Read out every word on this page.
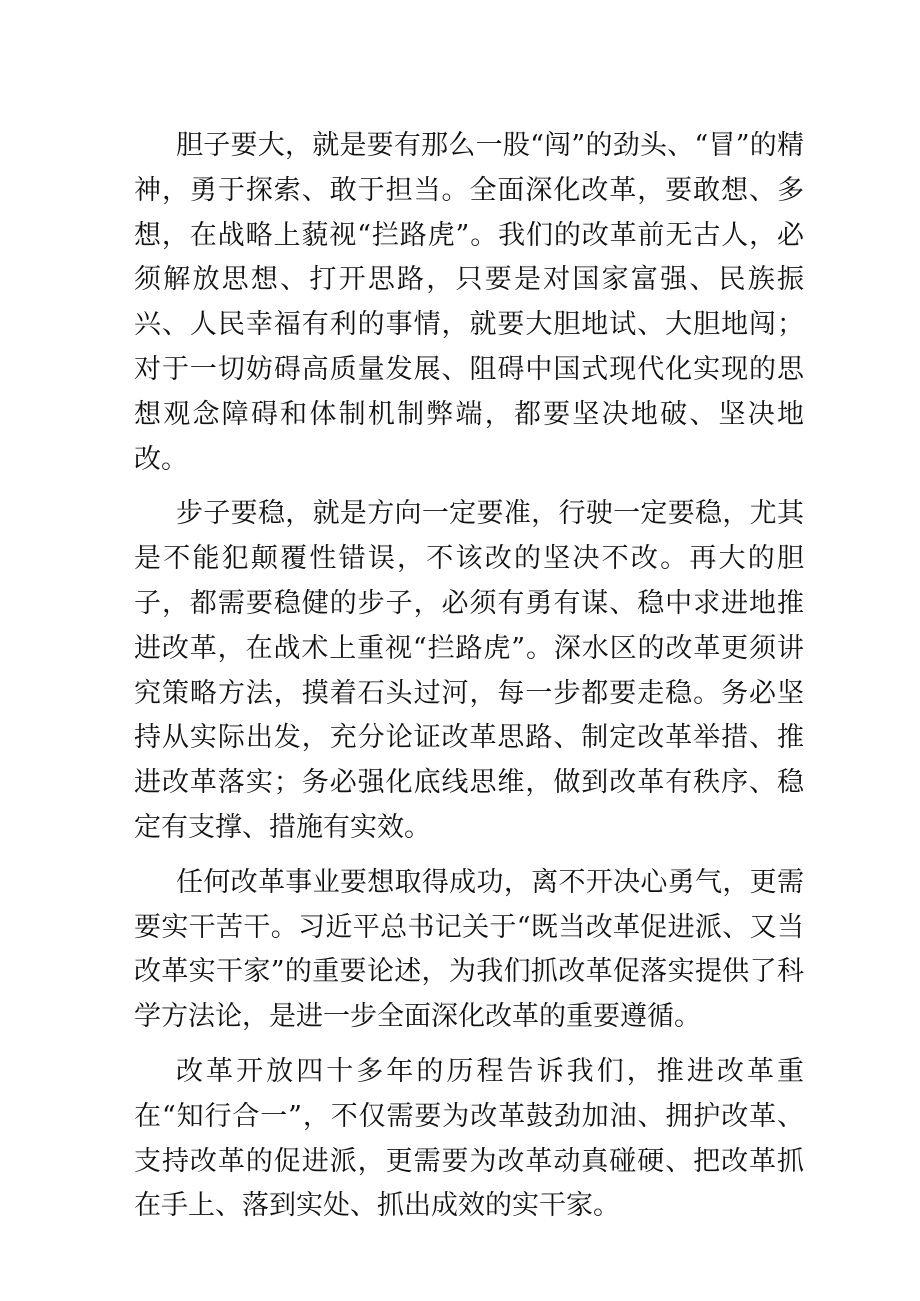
胆子要大，就是要有那么一股“闯”的劲头、“冒”的精神，勇于探索、敢于担当。全面深化改革，要敢想、多想，在战略上藐视“拦路虎”。我们的改革前无古人，必须解放思想、打开思路，只要是对国家富强、民族振兴、人民幸福有利的事情，就要大胆地试、大胆地闯；对于一切妨碍高质量发展、阻碍中国式现代化实现的思想观念障碍和体制机制弊端，都要坚决地破、坚决地改。

步子要稳，就是方向一定要准，行驶一定要稳，尤其是不能犯颠覆性错误，不该改的坚决不改。再大的胆子，都需要稳健的步子，必须有勇有谋、稳中求进地推进改革，在战术上重视“拦路虎”。深水区的改革更须讲究策略方法，摸着石头过河，每一步都要走稳。务必坚持从实际出发，充分论证改革思路、制定改革举措、推进改革落实；务必强化底线思维，做到改革有秩序、稳定有支撑、措施有实效。

任何改革事业要想取得成功，离不开决心勇气，更需要实干苦干。习近平总书记关于“既当改革促进派、又当改革实干家”的重要论述，为我们抓改革促落实提供了科学方法论，是进一步全面深化改革的重要遵循。

改革开放四十多年的历程告诉我们，推进改革重在“知行合一”，不仅需要为改革鼓劲加油、拥护改革、支持改革的促进派，更需要为改革动真碰硬、把改革抓在手上、落到实处、抓出成效的实干家。
